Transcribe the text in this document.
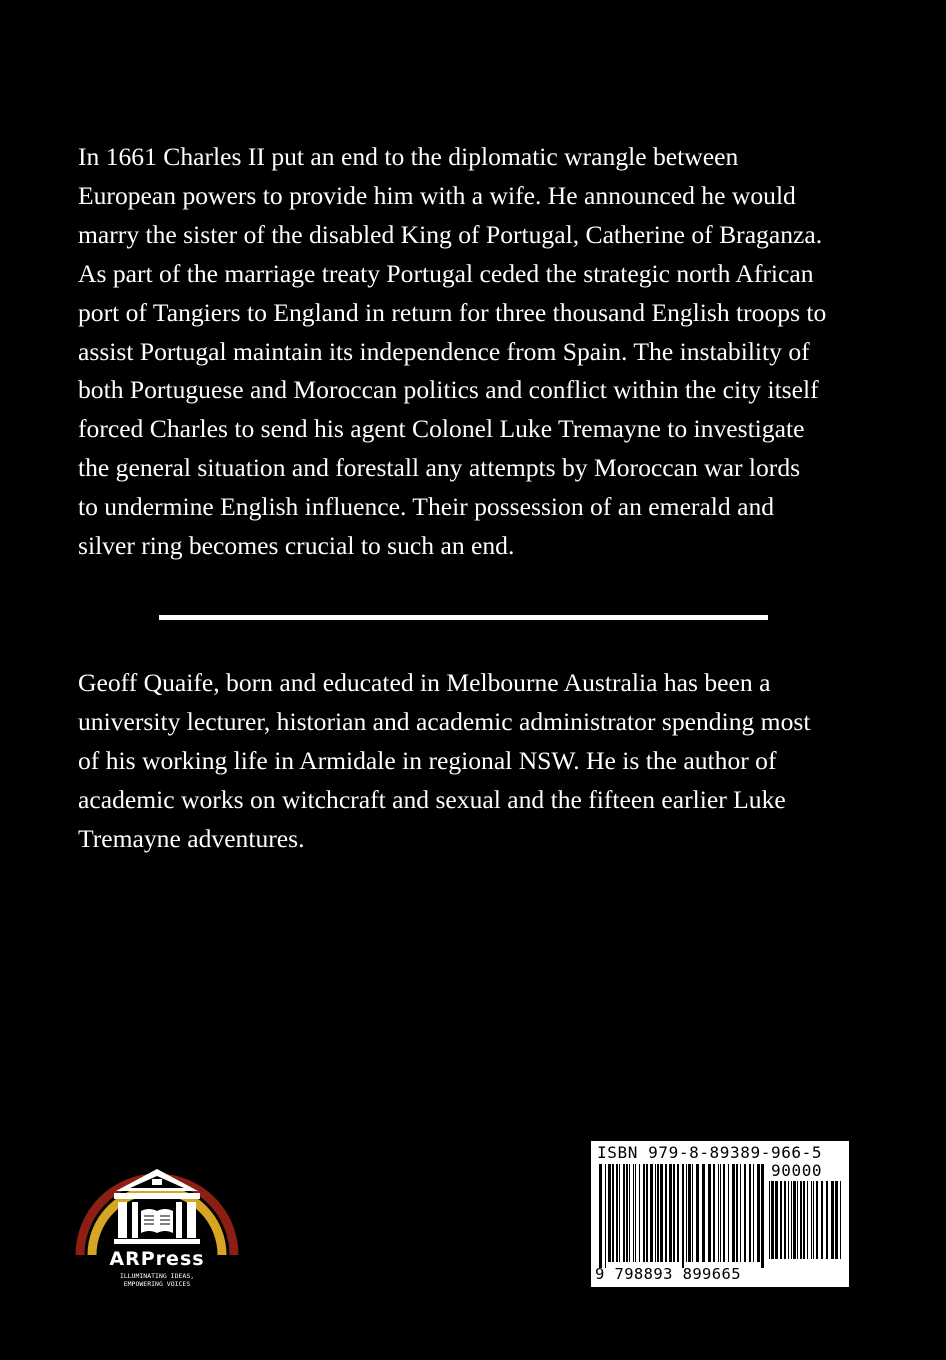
In 1661 Charles II put an end to the diplomatic wrangle between
European powers to provide him with a wife. He announced he would
marry the sister of the disabled King of Portugal, Catherine of Braganza.
As part of the marriage treaty Portugal ceded the strategic north African
port of Tangiers to England in return for three thousand English troops to
assist Portugal maintain its independence from Spain. The instability of
both Portuguese and Moroccan politics and conflict within the city itself
forced Charles to send his agent Colonel Luke Tremayne to investigate
the general situation and forestall any attempts by Moroccan war lords
to undermine English influence. Their possession of an emerald and
silver ring becomes crucial to such an end.
Geoff Quaife, born and educated in Melbourne Australia has been a
university lecturer, historian and academic administrator spending most
of his working life in Armidale in regional NSW. He is the author of
academic works on witchcraft and sexual and the fifteen earlier Luke
Tremayne adventures.
ARPress
ILLUMINATING IDEAS,
EMPOWERING VOICES
ISBN 979-8-89389-966-5
90000
9 798893 899665
